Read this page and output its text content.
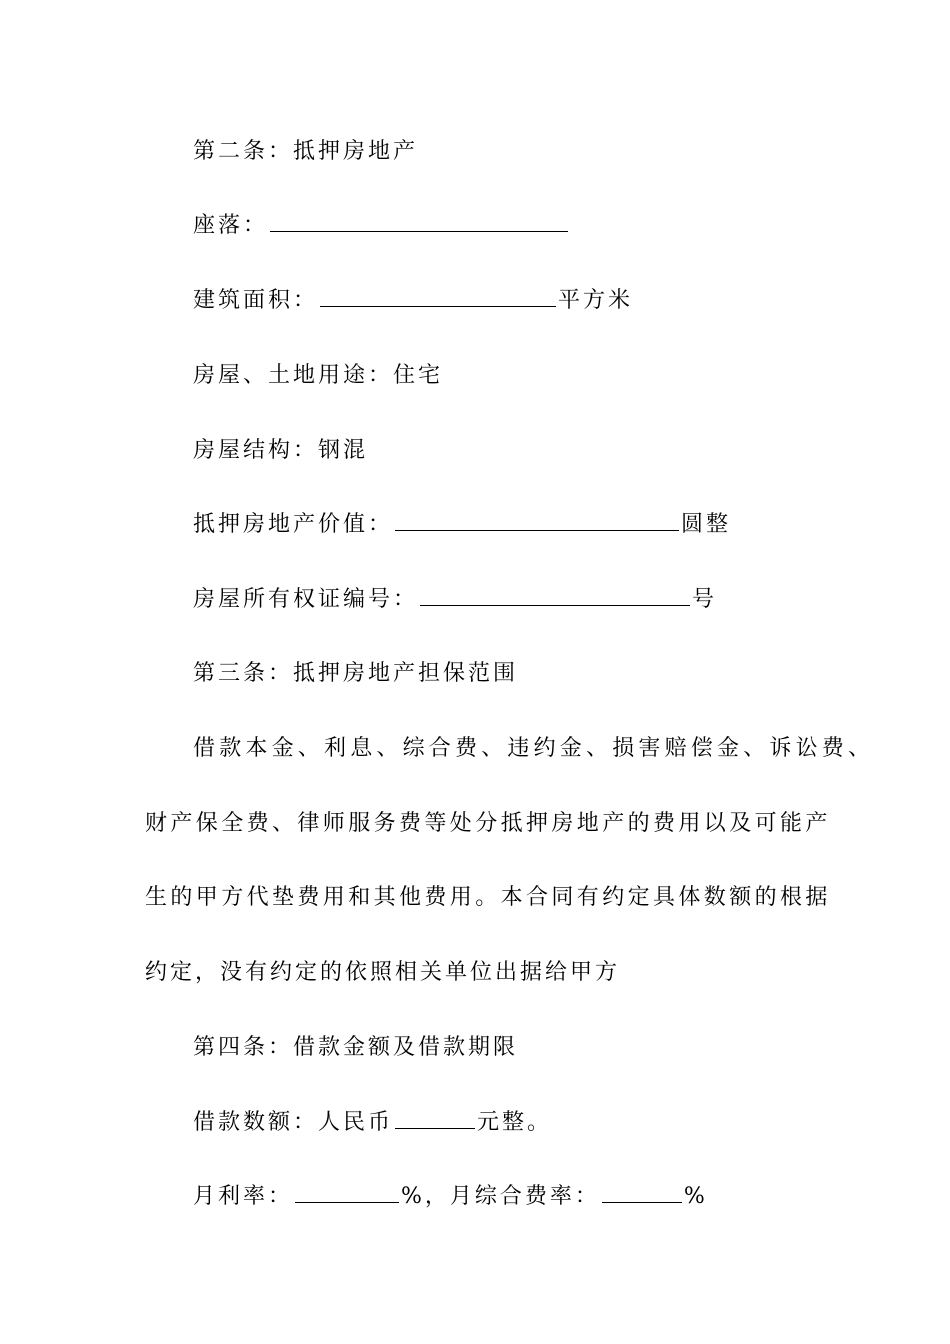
第二条：抵押房地产
座落：
建筑面积：	平方米
房屋、土地用途：住宅
房屋结构：钢混
抵押房地产价值：	圆整
房屋所有权证编号：	号
第三条：抵押房地产担保范围
借款本金、利息、综合费、违约金、损害赔偿金、诉讼费、
财产保全费、律师服务费等处分抵押房地产的费用以及可能产
生的甲方代垫费用和其他费用。本合同有约定具体数额的根据
约定，没有约定的依照相关单位出据给甲方
第四条：借款金额及借款期限
借款数额：人民币	元整。
月利率：	%，月综合费率：	%
